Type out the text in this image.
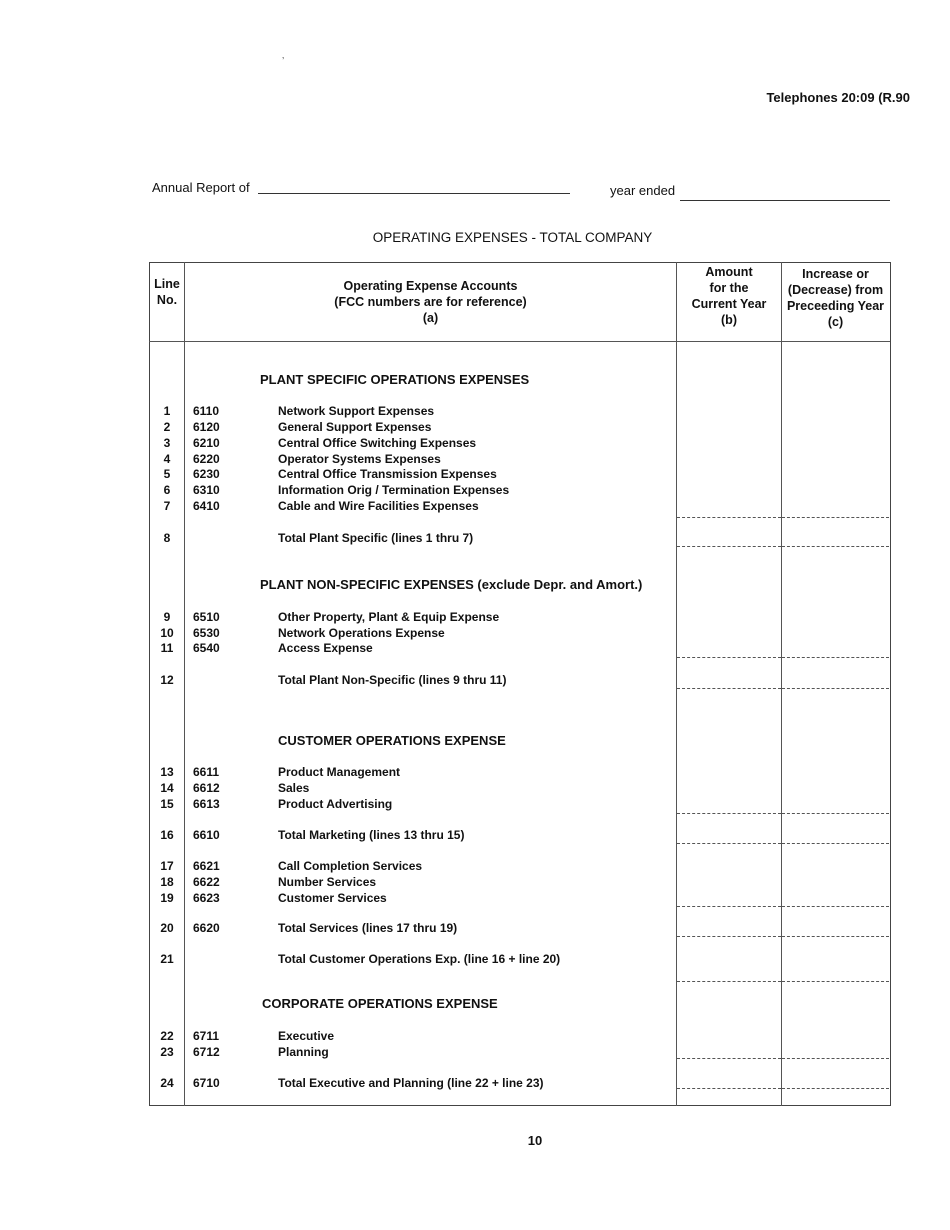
’
Telephones 20:09 (R.90
Annual Report of	year ended
OPERATING EXPENSES - TOTAL COMPANY
Line
No.
Operating Expense Accounts
(FCC numbers are for reference)
(a)
Amount
for the
Current Year
(b)
Increase or
(Decrease) from
Preceeding Year
(c)
PLANT SPECIFIC OPERATIONS EXPENSES
PLANT NON-SPECIFIC EXPENSES (exclude Depr. and Amort.)
CUSTOMER OPERATIONS EXPENSE
CORPORATE OPERATIONS EXPENSE
1	6110	Network Support Expenses
2	6120	General Support Expenses
3	6210	Central Office Switching Expenses
4	6220	Operator Systems Expenses
5	6230	Central Office Transmission Expenses
6	6310	Information Orig / Termination Expenses
7	6410	Cable and Wire Facilities Expenses
8	Total Plant Specific (lines 1 thru 7)
9	6510	Other Property, Plant & Equip Expense
10	6530	Network Operations Expense
11	6540	Access Expense
12	Total Plant Non-Specific (lines 9 thru 11)
13	6611	Product Management
14	6612	Sales
15	6613	Product Advertising
16	6610	Total Marketing (lines 13 thru 15)
17	6621	Call Completion Services
18	6622	Number Services
19	6623	Customer Services
20	6620	Total Services (lines 17 thru 19)
21	Total Customer Operations Exp. (line 16 + line 20)
22	6711	Executive
23	6712	Planning
24	6710	Total Executive and Planning (line 22 + line 23)
10
